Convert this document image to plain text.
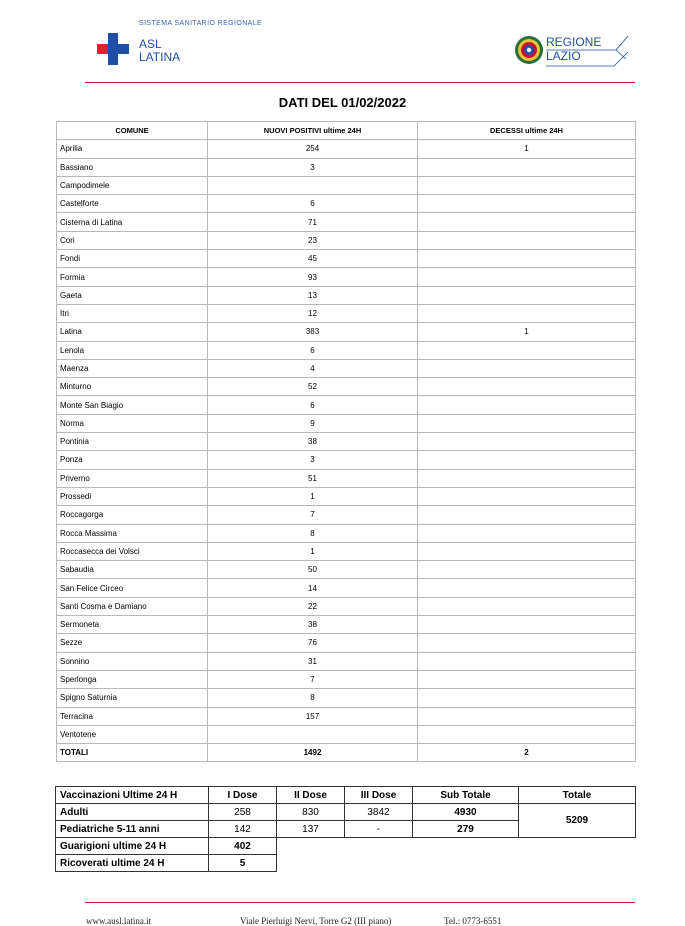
SISTEMA SANITARIO REGIONALE
ASL
LATINA
REGIONE
LAZIO
DATI DEL 01/02/2022
COMUNE	NUOVI POSITIVI ultime 24H	DECESSI ultime 24H
Aprilia	254	1
Bassiano	3	
Campodimele		
Castelforte	6	
Cisterna di Latina	71	
Cori	23	
Fondi	45	
Formia	93	
Gaeta	13	
Itri	12	
Latina	383	1
Lenola	6	
Maenza	4	
Minturno	52	
Monte San Biagio	6	
Norma	9	
Pontinia	38	
Ponza	3	
Priverno	51	
Prossedi	1	
Roccagorga	7	
Rocca Massima	8	
Roccasecca dei Volsci	1	
Sabaudia	50	
San Felice Circeo	14	
Santi Cosma e Damiano	22	
Sermoneta	38	
Sezze	76	
Sonnino	31	
Sperlonga	7	
Spigno Saturnia	8	
Terracina	157	
Ventotene		
TOTALI	1492	2
Vaccinazioni Ultime 24 H	I Dose	II Dose	III Dose	Sub Totale	Totale
Adulti	258	830	3842	4930	5209
Pediatriche 5-11 anni	142	137	-	279	
Guarigioni ultime 24 H	402				
Ricoverati ultime 24 H	5				
www.ausl.latina.it	Viale Pierluigi Nervi, Torre G2 (III piano)	Tel.: 0773-6551
